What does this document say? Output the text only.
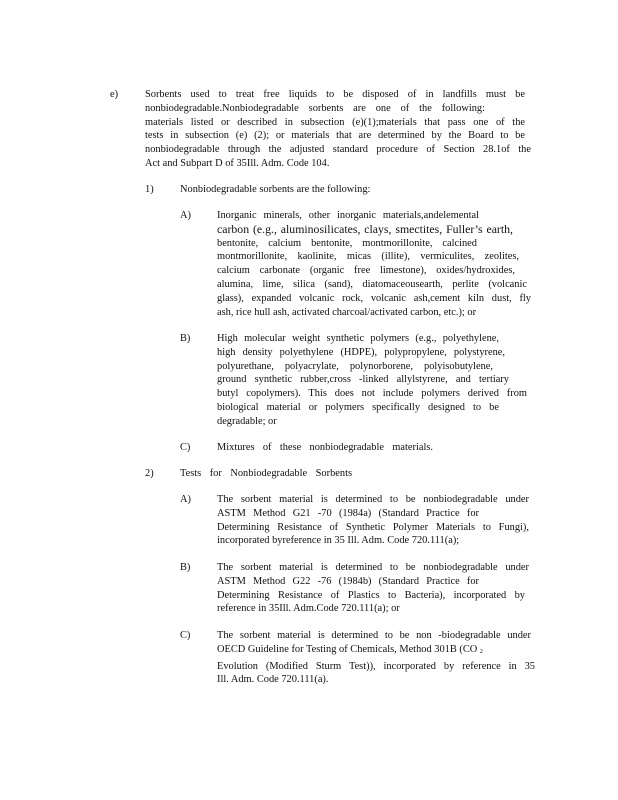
e)	Sorbents used to treat free liquids to be disposed of in landfills must be
nonbiodegradable.Nonbiodegradable sorbents are one of the following:
materials listed or described in subsection (e)(1);materials that pass one of the
tests in subsection (e) (2); or materials that are determined by the Board to be
nonbiodegradable through the adjusted standard procedure of Section 28.1of the
Act and Subpart D of 35Ill. Adm. Code 104.
1)	Nonbiodegradable sorbents are the following:
A)	Inorganic minerals, other inorganic materials,andelemental
carbon (e.g., aluminosilicates, clays, smectites, Fuller’s earth,
bentonite, calcium bentonite, montmorillonite, calcined
montmorillonite, kaolinite, micas (illite), vermiculites, zeolites,
calcium carbonate (organic free limestone), oxides/hydroxides,
alumina, lime, silica (sand), diatomaceousearth, perlite (volcanic
glass), expanded volcanic rock, volcanic ash,cement kiln dust, fly
ash, rice hull ash, activated charcoal/activated carbon, etc.); or
B)	High molecular weight synthetic polymers (e.g., polyethylene,
high density polyethylene (HDPE), polypropylene, polystyrene,
polyurethane, polyacrylate, polynorborene, polyisobutylene,
ground synthetic rubber,cross -linked allylstyrene, and tertiary
butyl copolymers). This does not include polymers derived from
biological material or polymers specifically designed to be
degradable; or
C)	Mixtures of these nonbiodegradable materials.
2)	Tests for Nonbiodegradable Sorbents
A)	The sorbent material is determined to be nonbiodegradable under
ASTM Method G21 -70 (1984a) (Standard Practice for
Determining Resistance of Synthetic Polymer Materials to Fungi),
incorporated byreference in 35 Ill. Adm. Code 720.111(a);
B)	The sorbent material is determined to be nonbiodegradable under
ASTM Method G22 -76 (1984b) (Standard Practice for
Determining Resistance of Plastics to Bacteria), incorporated by
reference in 35Ill. Adm.Code 720.111(a); or
C)	The sorbent material is determined to be non -biodegradable under
OECD Guideline for Testing of Chemicals, Method 301B (CO $_2$
Evolution (Modified Sturm Test)), incorporated by reference in 35
Ill. Adm. Code 720.111(a).
